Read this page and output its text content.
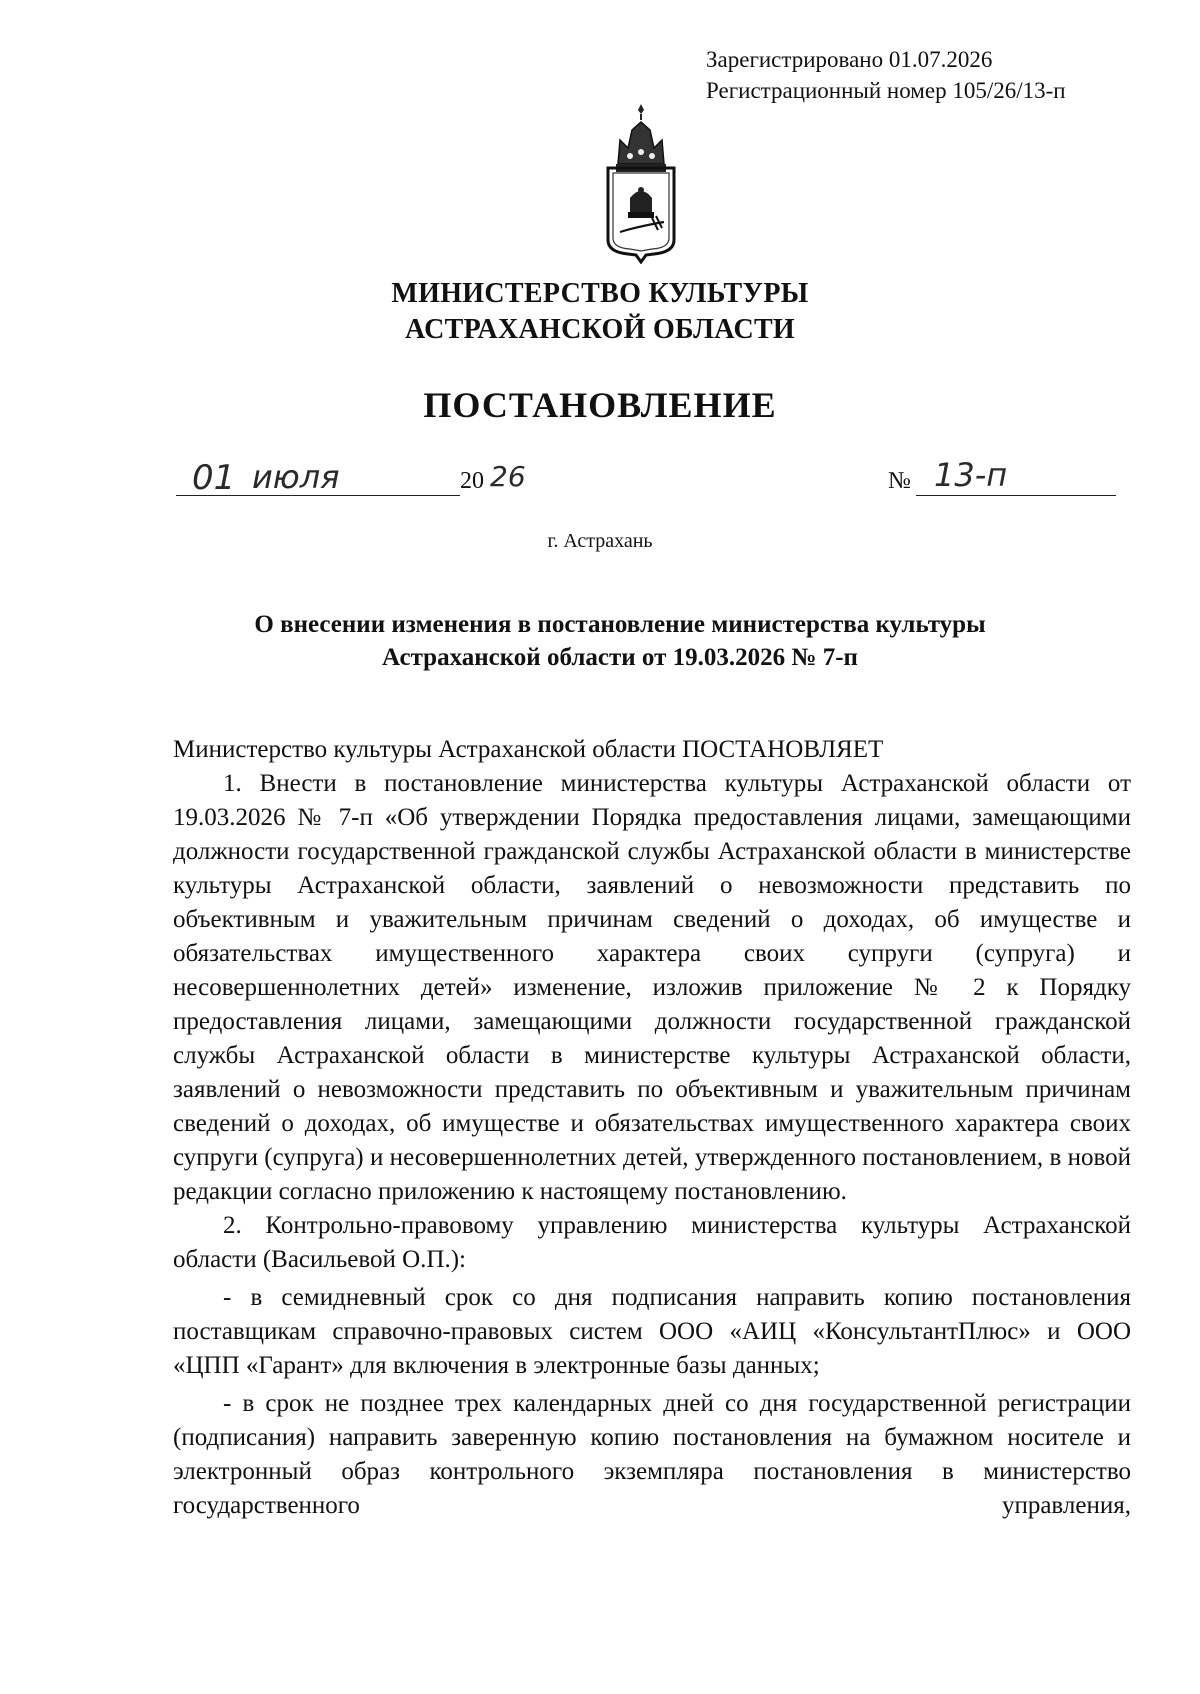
Зарегистрировано 01.07.2026
Регистрационный номер 105/26/13-п
МИНИСТЕРСТВО КУЛЬТУРЫ
АСТРАХАНСКОЙ ОБЛАСТИ
ПОСТАНОВЛЕНИЕ
01 июля	20 26	№ 13-п
г. Астрахань
О внесении изменения в постановление министерства культуры
Астраханской области от 19.03.2026 № 7-п

Министерство культуры Астраханской области ПОСТАНОВЛЯЕТ

1. Внести в постановление министерства культуры Астраханской области от 19.03.2026 № 7-п «Об утверждении Порядка предоставления лицами, замещающими должности государственной гражданской службы Астраханской области в министерстве культуры Астраханской области, заявлений о невозможности представить по объективным и уважительным причинам сведений о доходах, об имуществе и обязательствах имущественного характера своих супруги (супруга) и несовершеннолетних детей» изменение, изложив приложение № 2 к Порядку предоставления лицами, замещающими должности государственной гражданской службы Астраханской области в министерстве культуры Астраханской области, заявлений о невозможности представить по объективным и уважительным причинам сведений о доходах, об имуществе и обязательствах имущественного характера своих супруги (супруга) и несовершеннолетних детей, утвержденного постановлением, в новой редакции согласно приложению к настоящему постановлению.

2. Контрольно-правовому управлению министерства культуры Астраханской области (Васильевой О.П.):

- в семидневный срок со дня подписания направить копию постановления поставщикам справочно-правовых систем ООО «АИЦ «КонсультантПлюс» и ООО «ЦПП «Гарант» для включения в электронные базы данных;

- в срок не позднее трех календарных дней со дня государственной регистрации (подписания) направить заверенную копию постановления на бумажном носителе и электронный образ контрольного экземпляра постановления в министерство государственного управления,
